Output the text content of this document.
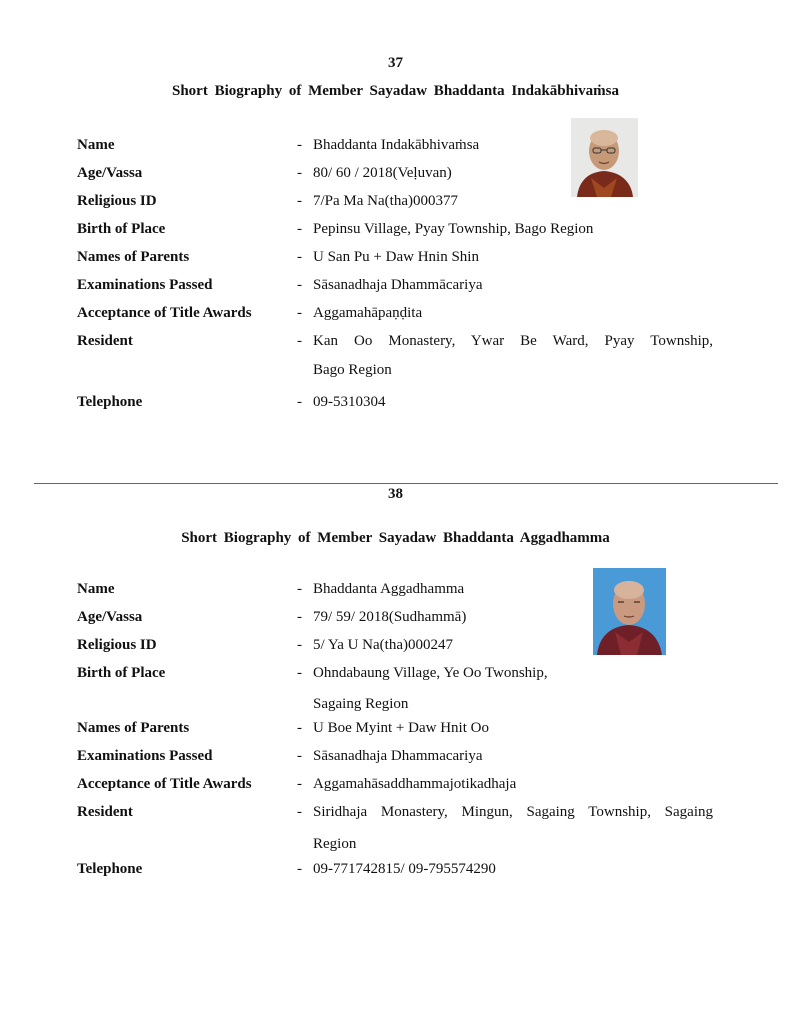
37
Short Biography of Member Sayadaw Bhaddanta Indakābhivaṁsa
Name	- Bhaddanta Indakābhivaṁsa
Age/Vassa	- 80/ 60 / 2018(Veḷuvan)
Religious ID	- 7/Pa Ma Na(tha)000377
Birth of Place	- Pepinsu Village, Pyay Township, Bago Region
Names of Parents	- U San Pu + Daw Hnin Shin
Examinations Passed	- Sāsanadhaja Dhammācariya
Acceptance of Title Awards	- Aggamahāpaṇḍita
Resident	- Kan Oo Monastery, Ywar Be Ward, Pyay Township,
Bago Region
Telephone	- 09-5310304
38
Short Biography of Member Sayadaw Bhaddanta Aggadhamma
Name	- Bhaddanta Aggadhamma
Age/Vassa	- 79/ 59/ 2018(Sudhammā)
Religious ID	- 5/ Ya U Na(tha)000247
Birth of Place	- Ohndabaung Village, Ye Oo Twonship,
Sagaing Region
Names of Parents	- U Boe Myint + Daw Hnit Oo
Examinations Passed	- Sāsanadhaja Dhammacariya
Acceptance of Title Awards	- Aggamahāsaddhammajotikadhaja
Resident	- Siridhaja Monastery, Mingun, Sagaing Township, Sagaing
Region
Telephone	- 09-771742815/ 09-795574290
